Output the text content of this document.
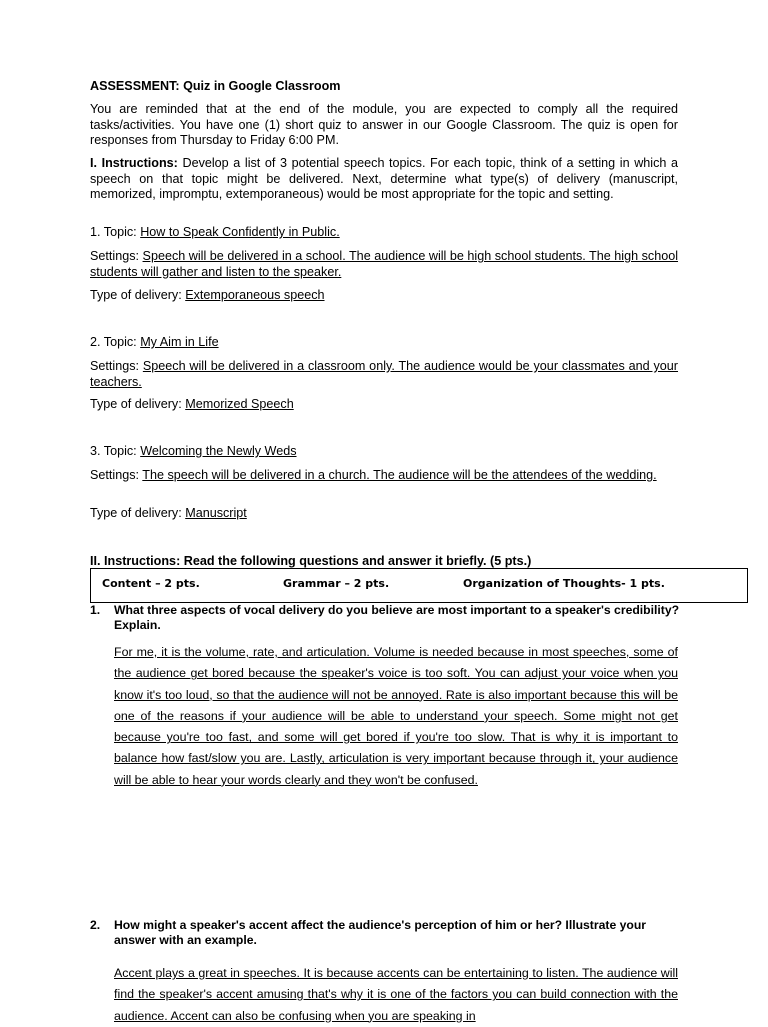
ASSESSMENT: Quiz in Google Classroom

You are reminded that at the end of the module, you are expected to comply all the required tasks/activities. You have one (1) short quiz to answer in our Google Classroom. The quiz is open for responses from Thursday to Friday 6:00 PM.

I. Instructions: Develop a list of 3 potential speech topics. For each topic, think of a setting in which a speech on that topic might be delivered. Next, determine what type(s) of delivery (manuscript, memorized, impromptu, extemporaneous) would be most appropriate for the topic and setting.

1. Topic: How to Speak Confidently in Public.

Settings: Speech will be delivered in a school. The audience will be high school students. The high school students will gather and listen to the speaker.

Type of delivery: Extemporaneous speech

2. Topic: My Aim in Life

Settings: Speech will be delivered in a classroom only. The audience would be your classmates and your teachers.

Type of delivery: Memorized Speech

3. Topic: Welcoming the Newly Weds

Settings: The speech will be delivered in a church. The audience will be the attendees of the wedding.

Type of delivery: Manuscript

II. Instructions: Read the following questions and answer it briefly. (5 pts.)

Content – 2 pts.	Grammar – 2 pts.	Organization of Thoughts- 1 pts.
1. What three aspects of vocal delivery do you believe are most important to a speaker's credibility? Explain.
For me, it is the volume, rate, and articulation. Volume is needed because in most speeches, some of the audience get bored because the speaker's voice is too soft. You can adjust your voice when you know it's too loud, so that the audience will not be annoyed. Rate is also important because this will be one of the reasons if your audience will be able to understand your speech. Some might not get because you're too fast, and some will get bored if you're too slow. That is why it is important to balance how fast/slow you are. Lastly, articulation is very important because through it, your audience will be able to hear your words clearly and they won't be confused.
2. How might a speaker's accent affect the audience's perception of him or her? Illustrate your answer with an example.
Accent plays a great in speeches. It is because accents can be entertaining to listen. The audience will find the speaker's accent amusing that's why it is one of the factors you can build connection with the audience. Accent can also be confusing when you are speaking in
